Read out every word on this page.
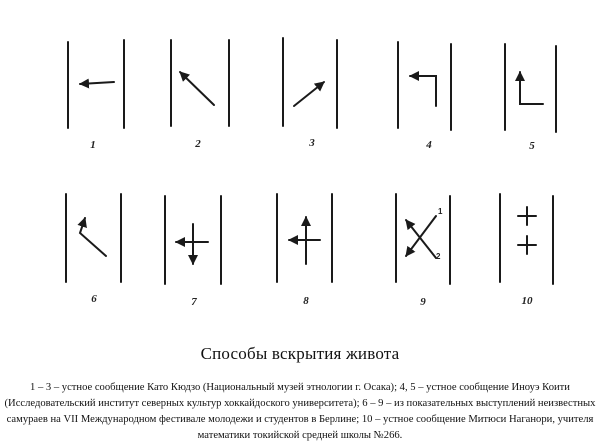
1	2	3	4	5
6	7	8	9	10
1
2
Способы вскрытия живота
1 – 3 – устное сообщение Като Кюдзо (Национальный музей этнологии г. Осака); 4, 5 – устное сообщение Иноуэ Коити (Исследовательский институт северных культур хоккайдоского университета); 6 – 9 – из показательных выступлений неизвестных самураев на VII Международном фестивале молодежи и студентов в Берлине; 10 – устное сообщение Митюси Наганори, учителя математики токийской средней школы №266.
